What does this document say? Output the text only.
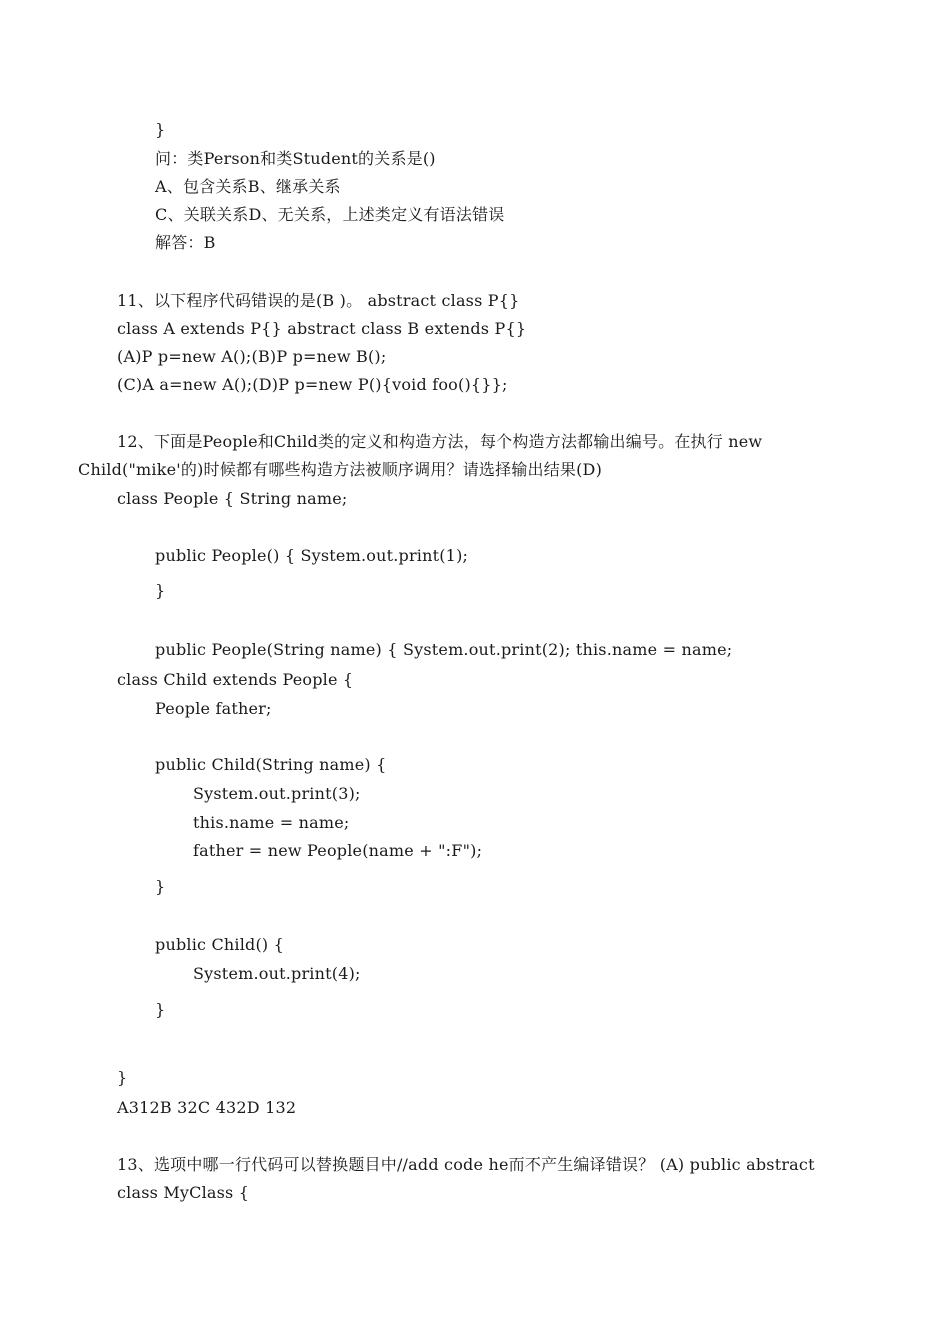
}
问：类Person和类Student的关系是()
A、包含关系B、继承关系
C、关联关系D、无关系，上述类定义有语法错误
解答：B
11、以下程序代码错误的是(B )。 abstract class P{}
class A extends P{} abstract class B extends P{}
(A)P p=new A();(B)P p=new B();
(C)A a=new A();(D)P p=new P(){void foo(){}};
12、下面是People和Child类的定义和构造方法，每个构造方法都输出编号。在执行 new
Child("mike'的)时候都有哪些构造方法被顺序调用？请选择输出结果(D)
class People { String name;
public People() { System.out.print(1);
}
public People(String name) { System.out.print(2); this.name = name;
class Child extends People {
People father;
public Child(String name) {
System.out.print(3);
this.name = name;
father = new People(name + ":F");
}
public Child() {
System.out.print(4);
}
}
A312B 32C 432D 132
13、选项中哪一行代码可以替换题目中//add code he而不产生编译错误？ (A) public abstract
class MyClass {
